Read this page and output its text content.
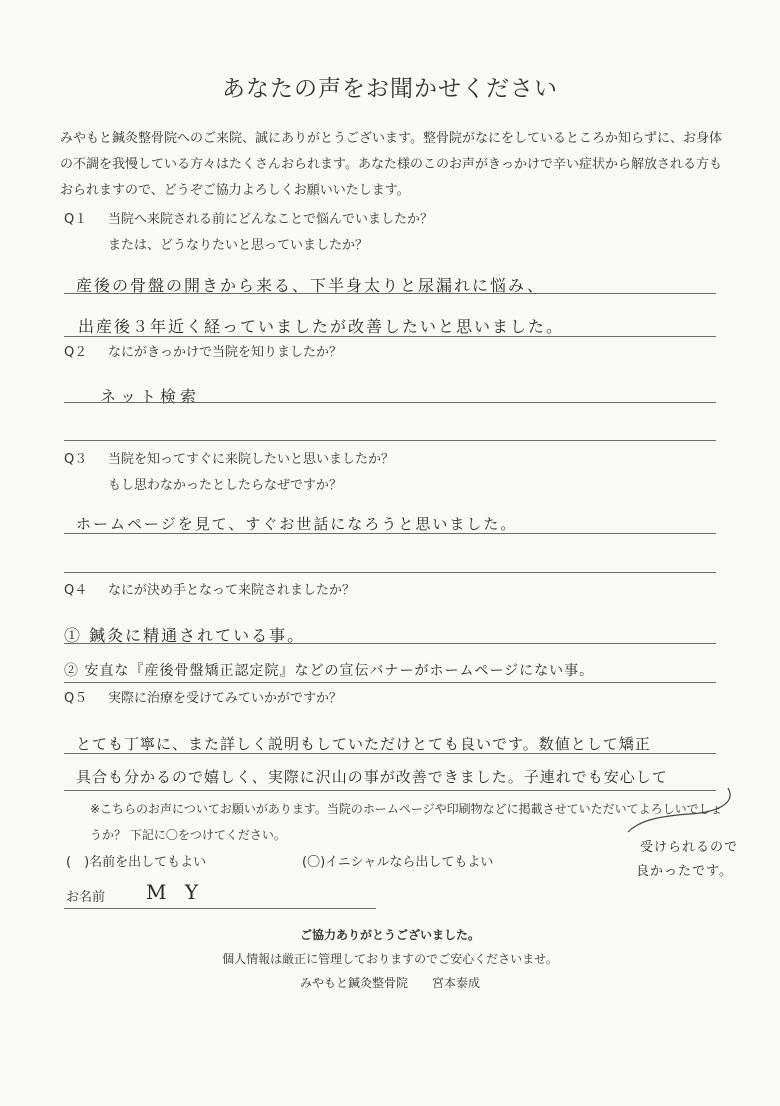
あなたの声をお聞かせください
みやもと鍼灸整骨院へのご来院、誠にありがとうございます。整骨院がなにをしているところか知らずに、お身体の不調を我慢している方々はたくさんおられます。あなた様のこのお声がきっかけで辛い症状から解放される方もおられますので、どうぞご協力よろしくお願いいたします。
Q１ 当院へ来院される前にどんなことで悩んでいましたか？
または、どうなりたいと思っていましたか？
産後の骨盤の開きから来る、下半身太りと尿漏れに悩み、
出産後３年近く経っていましたが改善したいと思いました。
Q２ なにがきっかけで当院を知りましたか？
ネット検索
Q３ 当院を知ってすぐに来院したいと思いましたか？
もし思わなかったとしたらなぜですか？
ホームページを見て、すぐお世話になろうと思いました。
Q４ なにが決め手となって来院されましたか？
① 鍼灸に精通されている事。
② 安直な『産後骨盤矯正認定院』などの宣伝バナーがホームページにない事。
Q５ 実際に治療を受けてみていかがですか？
とても丁寧に、また詳しく説明もしていただけとても良いです。数値として矯正
具合も分かるので嬉しく、実際に沢山の事が改善できました。子連れでも安心して
※こちらのお声についてお願いがあります。当院のホームページや印刷物などに掲載させていただいてよろしいでしょうか？ 下記に〇をつけてください。
受けられるので
良かったです。
(　)名前を出してもよい	(〇)イニシャルなら出してもよい
お名前 M Y
ご協力ありがとうございました。
個人情報は厳正に管理しておりますのでご安心くださいませ。
みやもと鍼灸整骨院　　宮本泰成
